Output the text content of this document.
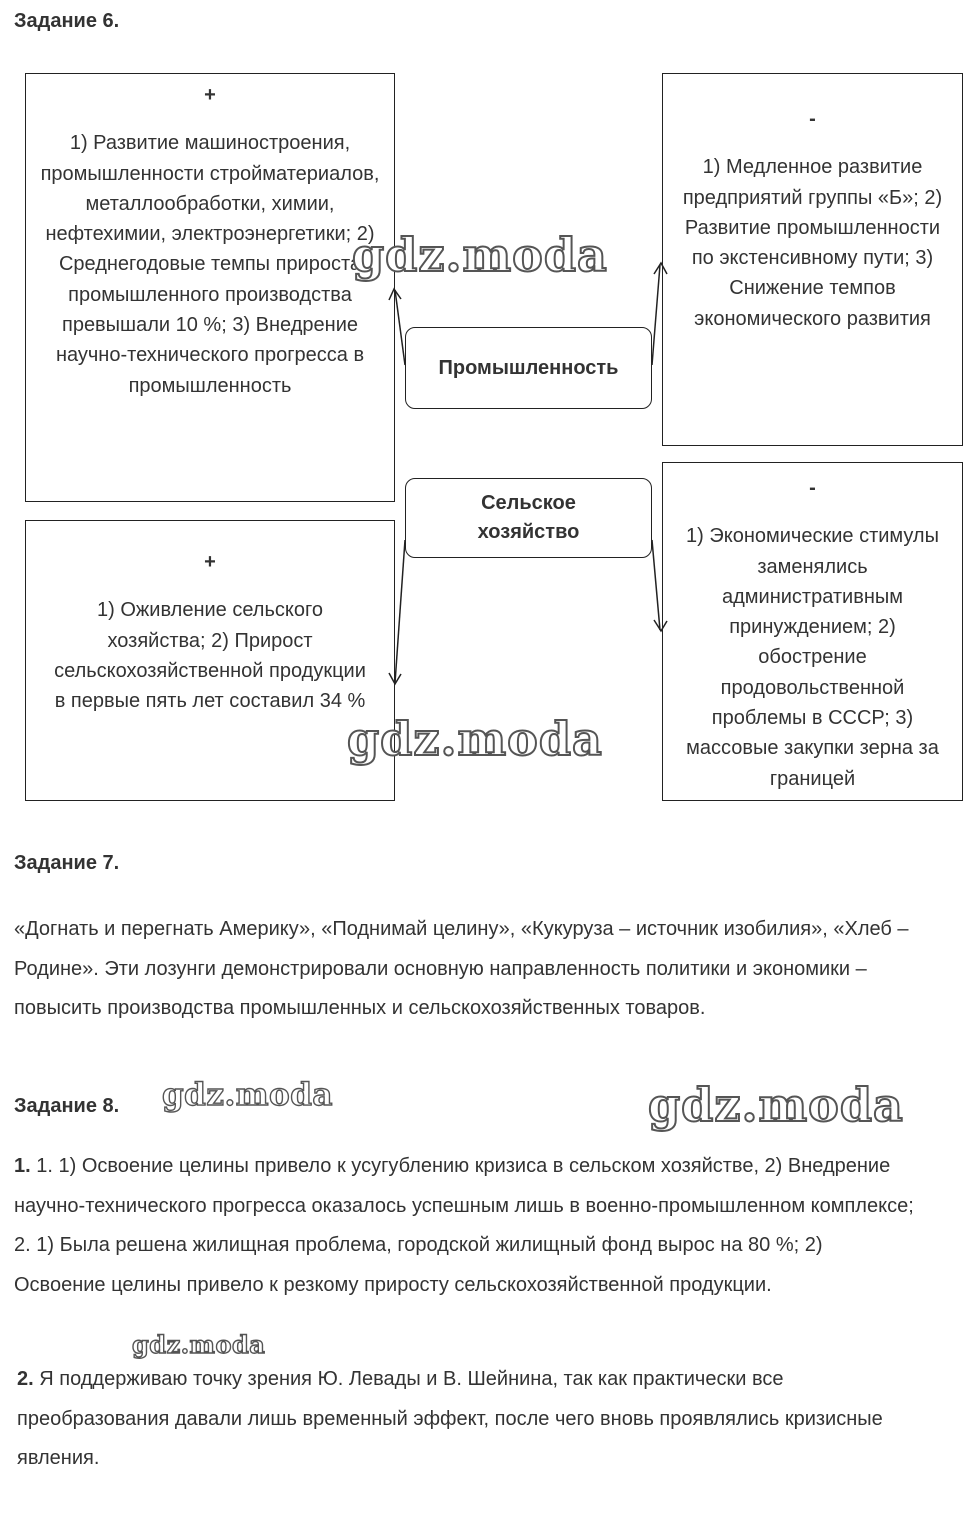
Задание 6.
+
1) Развитие машиностроения, промышленности стройматериалов, металлообработки, химии, нефтехимии, электроэнергетики; 2) Среднегодовые темпы прироста промышленного производства превышали 10 %; 3) Внедрение научно-технического прогресса в промышленность
-
1) Медленное развитие предприятий группы «Б»; 2) Развитие промышленности по экстенсивному пути; 3) Снижение темпов экономического развития
+
1) Оживление сельского хозяйства; 2) Прирост сельскохозяйственной продукции в первые пять лет составил 34 %
-
1) Экономические стимулы заменялись административным принуждением; 2) обострение продовольственной проблемы в СССР; 3) массовые закупки зерна за границей
Промышленность
Сельское хозяйство
Задание 7.
«Догнать и перегнать Америку», «Поднимай целину», «Кукуруза – источник изобилия», «Хлеб – Родине». Эти лозунги демонстрировали основную направленность политики и экономики – повысить производства промышленных и сельскохозяйственных товаров.
Задание 8.
1. 1. 1) Освоение целины привело к усугублению кризиса в сельском хозяйстве, 2) Внедрение научно-технического прогресса оказалось успешным лишь в военно-промышленном комплексе; 2. 1) Была решена жилищная проблема, городской жилищный фонд вырос на 80 %; 2) Освоение целины привело к резкому приросту сельскохозяйственной продукции.
2. Я поддерживаю точку зрения Ю. Левады и В. Шейнина, так как практически все преобразования давали лишь временный эффект, после чего вновь проявлялись кризисные явления.
gdz.moda
gdz.moda
gdz.moda	gdz.moda
gdz.moda
